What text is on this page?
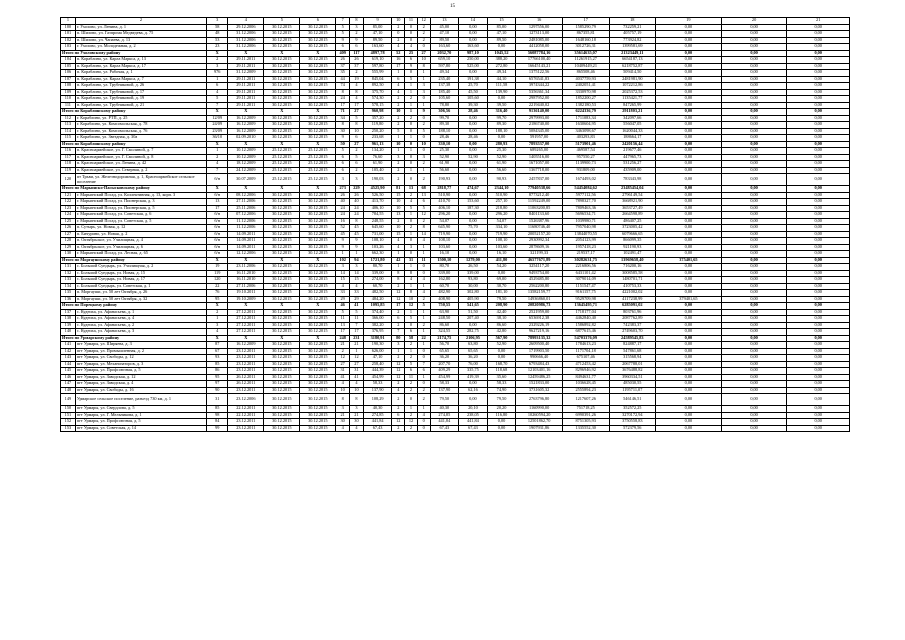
15
1	2	3	4	5	6	7	8	9	10	11	12	13	14	15	16	17	18	19	20	21
100	г. Ухолово, ул. Ленина, д. 1	58	29.12.2006	30.12.2015	30.12.2015	5	3	85,00	2	0	2	45,00	0,00	85,00	1297556,00	1585290,79	732259,21	0,00	0,00	0,00
101	п. Шилово, ул. Газпрома Медведева, д. 75	48	31.12.2006	30.12.2015	30.12.2015	5	2	47,10	0	0	2	47,10	0,00	47,10	1273113,00	867355,81	405757,19	0,00	0,00	0,00
102	п. Шилово, ул. Чапаева, д. 13	53	31.12.2006	30.12.2015	30.12.2015	9	9	89,50	2	0	2	89,50	0,00	89,50	2481085,00	1648160,18	773924,82	0,00	0,00	0,00
103	г. Ухолово, ул. Молодежная, д. 2	23	31.12.2006	30.12.2015	30.12.2015	6	6	163,60	4	4	0	163,60	163,60	0,00	4412058,00	3012726,31	1399581,69	0,00	0,00	0,00
Итого по Ухоловскому району		X	X	X	X	409	117	4897,78	52	25	27	2032,70	987,10	1045,52	56087784,16	35614635,07	21323449,11	0,00	0,00	0,00
104	п. Кораблино, ул. Карла Маркса, д. 13	2	29.11.2011	30.12.2015	30.12.2015	26	26	619,10	16	6	10	659,10	250,00	388,20	17766100,40	11261915,27	6654187,13	0,00	0,00	0,00
105	п. Кораблино, ул. Карла Маркса, д. 17	3	29.11.2011	30.12.2015	30.12.2015	37	37	597,80	17	9	8	597,80	525,00	272,80	16645143,21	10409449,21	6218752,87	0,00	0,00	0,00
106	п. Кораблино, ул. Рабочая, д. 1	976	31.12.2009	30.12.2015	30.12.2015	35	2	555,99	1	0	1	49,34	0,00	49,34	1375122,56	865508,46	509414,50	0,00	0,00	0,00
107	п. Кораблино, ул. Карла Маркса, д. 7	1	29.11.2011	30.12.2015	30.12.2015	44	19	845,04	6	5	1	235,40	191,38	44,10	6576541,83	4037759,93	2481981,90	0,00	0,00	0,00
108	п. Кораблино, ул. Трубниковой, д. 26	6	29.11.2011	30.12.2015	30.12.2015	74	4	892,50	4	1	3	137,38	25,70	111,58	3974344,22	2402051,41	1072212,86	0,00	0,00	0,00
109	п. Кораблино, ул. Трубниковой, д. 17	4	29.11.2011	30.12.2015	30.12.2015	8	8	375,70	4	1	3	185,40	45,50	139,90	5356361,34	3330970,98	2025372,53	0,00	0,00	0,00
110	п. Кораблино, ул. Трубниковой, д. 19	5	29.11.2011	30.12.2015	30.12.2015	24	4	574,30	2	2	0	105,60	105,60	0,00	2987952,00	1852200,27	1135421,77	0,00	0,00	0,00
111	п. Кораблино, ул. Трубниковой, д. 21	7	29.11.2011	30.12.2015	30.12.2015	17	17	578,15	2	1	1	78,80	39,30	39,50	2219440,02	1382180,53	847265,99	0,00	0,00	0,00
Итого по Кораблинскому району		X	X	X	X	71	27	960,98	10	1	9	306,56	28,46	316,40	9136140,00	6224336,79	2911803,21	0,00	0,00	0,00
112	г. Кораблино, ул. РТП, д. 25	12/09	16.12.2009	30.12.2015	30.12.2015	34	5	357,20	2	2	0	99,70	0,00	99,70	2979993,00	1711083,34	342097,66	0,00	0,00	0,00
113	г. Кораблино, ул. Комсомольская, д. 78	24/09	16.12.2009	30.12.2015	30.12.2015	8	8	119,80	2	0	2	89,30	0,00	89,30	2186740,00	1630604,95	556047,05	0,00	0,00	0,00
114	г. Кораблино, ул. Комсомольская, д. 76	23/09	16.12.2009	30.12.2015	30.12.2015	30	10	250,20	5	0	5	188,10	0,00	188,10	5084345,00	3463098,67	1620044,33	0,00	0,00	0,00
115	г. Кораблино, ул. Звездная, д. 30а	36/10	02.09.2010	30.12.2015	30.12.2015	9	6	233,68	1	1	0	28,46	28,46	0,00	591957,00	403293,83	188664,17	0,00	0,00	0,00
Итого по Кораблинскому району		X	X	X	X	50	27	961,13	10	0	10	330,10	0,00	280,93	7893537,00	5173901,46	2420156,44	0,00	0,00	0,00
116	п. Красноармейское, ул. Г. Смолиной, д. 7	1	10.12.2009	25.12.2015	25.12.2015	5	2	134,20	1	1	0	25,30	0,00	25,30	689265,00	469587,54	219677,46	0,00	0,00	0,00
117	п. Красноармейское, ул. Г. Смолиной, д. 8	2	10.12.2009	25.12.2015	25.12.2015	6	5	76,60	3	0	3	52,90	52,90	52,90	1405516,00	957550,27	447965,73	0,00	0,00	0,00
118	п. Красноармейское, ул. Ленина, д. 42	4	18.12.2009	25.12.2015	25.12.2015	6	6	61,90	2	0	2	61,90	0,00	61,90	1671057,00	1139900,73	531256,27	0,00	0,00	0,00
119	п. Красноармейское, ул. Северная, д. 2	7	24.12.2009	25.12.2015	25.12.2015	6	2	105,40	2	1	1	56,60	0,00	56,60	1367718,00	931809,00	435909,00	0,00	0,00	0,00
120	пт Трьви, ул. Железнодорожная, д. 1, Красноармейское сельское поселение	б/н	30.07.2009	25.12.2015	25.12.2015	3	3	190,03	2	0	2	190,93	0,00	90,93	2457837,00	1674493,02	783343,98	0,00	0,00	0,00
Итого по Марьинско-Пасысковскому району		X	X	X	X	273	229	4525,90	81	13	68	2818,77	474,67	2344,10	77940538,66	54454084,62	23485454,04	0,00	0,00	0,00
121	г. Марьинский Посад, ул. Коллективная, д. 13, корп. 3	б/н	08.12.2006	30.12.2015	30.12.2015	26	26	526,50	15	2	13	510,90	0,00	510,90	8773212,40	5977112,56	2796149,54	0,00	0,00	0,00
122	г. Марьинский Посад, ул. Пионерская, д. 3	13	27.11.2006	30.12.2015	30.12.2015	40	40	413,70	10	4	6	410,70	153,60	257,10	11592249,00	7898327,70	3668921,90	0,00	0,00	0,00
123	г. Марьинский Посад, ул. Пионерская, д. 5	17	25.11.2006	30.12.2015	30.12.2015	24	24	406,10	10	5	5	406,10	187,30	218,80	11063200,85	7809463,36	3653727,49	0,00	0,00	0,00
124	г. Марьинский Посад, ул. Советская, д. 6	б/н	07.12.2006	30.12.2015	30.12.2015	24	24	784,55	13	1	12	296,20	0,00	296,20	8401133,60	5696534,71	2664598,89	0,00	0,00	0,00
125	г. Марьинский Посад, ул. Советская, д. 5	б/н	11.12.2006	30.12.2015	30.12.2015	16	8	248,55	2	0	2	54,07	0,00	54,07	1526387,96	1039980,71	486407,25	0,00	0,00	0,00
126	п. Сутырь, ул. Новая, д. 12	б/н	11.12.2006	30.12.2015	30.12.2015	52	45	645,60	10	2	8	645,90	75,70	334,10	11680746,40	7957040,98	3723005,42	0,00	0,00	0,00
127	п. Бичурино, ул. Новая, д. 2	б/н	14.09.2011	30.12.2015	30.12.2015	45	45	731,00	15	1	14	719,90	0,00	719,90	20052157,20	13844070,55	6079666,65	0,00	0,00	0,00
128	п. Октябрьское, ул. Училищная, д. 4	б/н	14.09.2011	30.12.2015	30.12.2015	9	9	108,10	4	0	4	108,10	0,00	108,10	2930992,34	2054123,99	866099,35	0,00	0,00	0,00
129	п. Октябрьское, ул. Училищная, д. 6	б/н	14.09.2011	30.12.2015	30.12.2015	9	9	103,26	4	3	1	103,60	0,00	103,60	2878609,16	1957418,23	921190,93	0,00	0,00	0,00
130	г. Марьинский Посад, ул. Лесная, д. 65	б/н	12.12.2006	30.12.2015	30.12.2015	1	1	662,30	1	0	1	16,10	0,00	16,10	321199,33	219537,17	102491,47	0,00	0,00	0,00
Итого по Моргаушскому району		X	X	X	X	102	94	1721,80	42	31	11	1500,10	1279,00	411,80	46577671,89	30282631,75	13969658,40	375401,65	0,00	0,00
131	с. Большой Сундырь, ул. Училищная, д. 2	19	23.11.2006	30.12.2015	30.12.2015	3	3	80,70	1	1	0	80,70	26,50	54,20	3254117,20	2216806,56	716200,16	0,00	0,00	0,00
132	с. Большой Сундырь, ул. Новая, д. 15	119	16.11.2010	30.12.2015	30.12.2015	14	14	339,00	8	8	0	339,00	339,00	0,00	9493754,00	6431101,42	3008585,58	0,00	0,00	0,00
133	с. Большой Сундырь, ул. Новая, д. 17	120	16.11.2010	30.12.2015	30.12.2015	15	15	274,00	8	4	4	162,80	93,80	69,00	4529485,80	3079014,09	1480701,71	0,00	0,00	0,00
134	с. Большой Сундырь, ул. Советская, д. 1	22	27.11.2006	30.12.2015	30.12.2015	4	4	60,70	2	1	1	60,70	30,00	30,70	2562200,80	1151547,47	410753,33	0,00	0,00	0,00
135	п. Моргауши, ул. 50 лет Октября, д. 26	76	19.10.2011	30.12.2015	30.12.2015	33	33	482,50	12	8	4	482,90	302,80	181,10	13582159,77	9161157,75	4221002,02	0,00	0,00	0,00
136	п. Моргауши, ул. 50 лет Октября, д. 32	95	19.10.2009	30.12.2015	30.12.2015	29	29	484,20	12	10	2	408,90	405,90	79,50	14936860,01	9529709,98	4117238,99	379401,65	0,00	0,00
Итого по Порецкому району		X	X	X	X	46	41	1095,85	17	12	5	750,55	541,65	208,90	20820986,73	13645495,71	6285091,02	0,00	0,00	0,00
137	с. Кудеиха, ул. Афанасьева, д. 1	2	27.12.2011	30.12.2015	30.12.2015	5	5	374,40	2	1	1	63,90	51,50	42,40	2521959,00	1718177,04	803761,96	0,00	0,00	0,00
138	с. Кудеиха, ул. Афанасьева, д. 4	1	27.12.2011	30.12.2015	30.12.2015	11	11	366,00	6	5	1	248,50	207,40	38,10	6536912,38	4462840,40	2087762,89	0,00	0,00	0,00
139	с. Кудеиха, ул. Афанасьева, д. 2	3	27.12.2011	30.12.2015	30.12.2015	13	7	382,20	2	0	2	86,60	0,00	86,60	2329226,19	1586892,82	742383,37	0,00	0,00	0,00
140	с. Кудеиха, ул. Афанасьева, д. 3	4	27.12.2011	30.12.2015	30.12.2015	17	17	376,95	7	6	1	324,55	282,75	42,80	9627219,16	6877615,46	2749603,70	0,00	0,00	0,00
Итого по Урмарскому району		X	X	X	X	248	231	3180,91	80	58	22	2174,75	2106,95	567,90	78993135,32	54703376,09	24589545,83	0,00	0,00	0,00
141	пгт Урмары, ул. Ширяева, д. 3	87	16.12.2009	30.12.2015	30.12.2015	21	21	190,30	3	2	1	56,70	63,80	52,90	2609500,40	1784613,23	824887,17	0,00	0,00	0,00
142	пгт Урмары, ул. Промышленная, д. 2	67	23.12.2011	30.12.2015	30.12.2015	2	1	626,00	1	1	0	65,65	65,65	0,00	1719903,50	1171704,18	547861,68	0,00	0,00	0,00
143	пгт Урмары, ул. Свободы, д. 12	93	23.12.2011	30.12.2015	30.12.2015	12	12	47,10	2	2	0	36,20	36,20	0,00	990666,40	675107,46	315568,94	0,00	0,00	0,00
144	пгт Урмары, ул. Механизаторов, д. 3	85	23.12.2011	30.12.2015	30.12.2015	27	27	258,40	12	5	7	207,70	76,00	168,70	6793484,43	4712453,42	2067788,01	0,00	0,00	0,00
145	пгт Урмары, ул. Профсоюзная, д. 5	86	23.12.2011	30.12.2015	30.12.2015	31	31	444,39	12	6	6	409,29	335,75	118,68	12103401,16	8296946,92	3676488,82	0,00	0,00	0,00
146	пгт Урмары, ул. Заводская, д. 12	95	26.12.2011	30.12.2015	30.12.2015	41	41	454,99	12	11	1	454,99	419,39	35,60	12459486,25	8494631,77	3960334,51	0,00	0,00	0,00
147	пгт Урмары, ул. Заводская, д. 4	97	26.12.2011	30.12.2015	30.12.2015	4	4	58,33	2	2	0	58,33	0,00	58,33	1521833,00	1036628,45	485030,55	0,00	0,00	0,00
148	пгт Урмары, ул. Свободы, д. 16	90	23.12.2011	30.12.2015	30.12.2015	10	10	137,90	4	2	2	137,90	62,16	74,90	3731605,32	2555894,23	1195711,07	0,00	0,00	0,00
149	Урмарское сельское поселение, разъезд 730 км, д. 1	31	23.12.2006	30.12.2015	30.12.2015	8	8	108,29	2	0	2	79,50	0,00	79,50	2763796,80	1217607,26	546146,51	0,00	0,00	0,00
150	пгт Урмары, ул. Свердлова, д. 5	85	22.12.2011	30.12.2015	30.12.2015	3	3	40,30	2	1	1	40,30	20,10	20,20	1160990,00	751718,25	352572,25	0,00	0,00	0,00
151	пгт Урмары, ул. Г. Мельникова, д. 1	98	22.12.2011	30.12.2015	30.12.2015	21	21	274,85	6	2	4	274,85	238,05	116,80	10260594,20	6990391,26	3270172,94	0,00	0,00	0,00
152	пгт Урмары, ул. Профсоюзная, д. 5	84	23.12.2011	30.12.2015	30.12.2015	30	30	441,84	12	12	0	441,84	441,84	0,00	12501862,70	8751305,93	3750558,83	0,00	0,00	0,00
153	пгт Урмары, ул. Советская, д. 14	99	23.12.2011	30.12.2015	30.12.2015	4	4	67,43	2	2	0	67,43	67,43	0,00	1907931,86	1335552,30	572379,56	0,00	0,00	0,00
